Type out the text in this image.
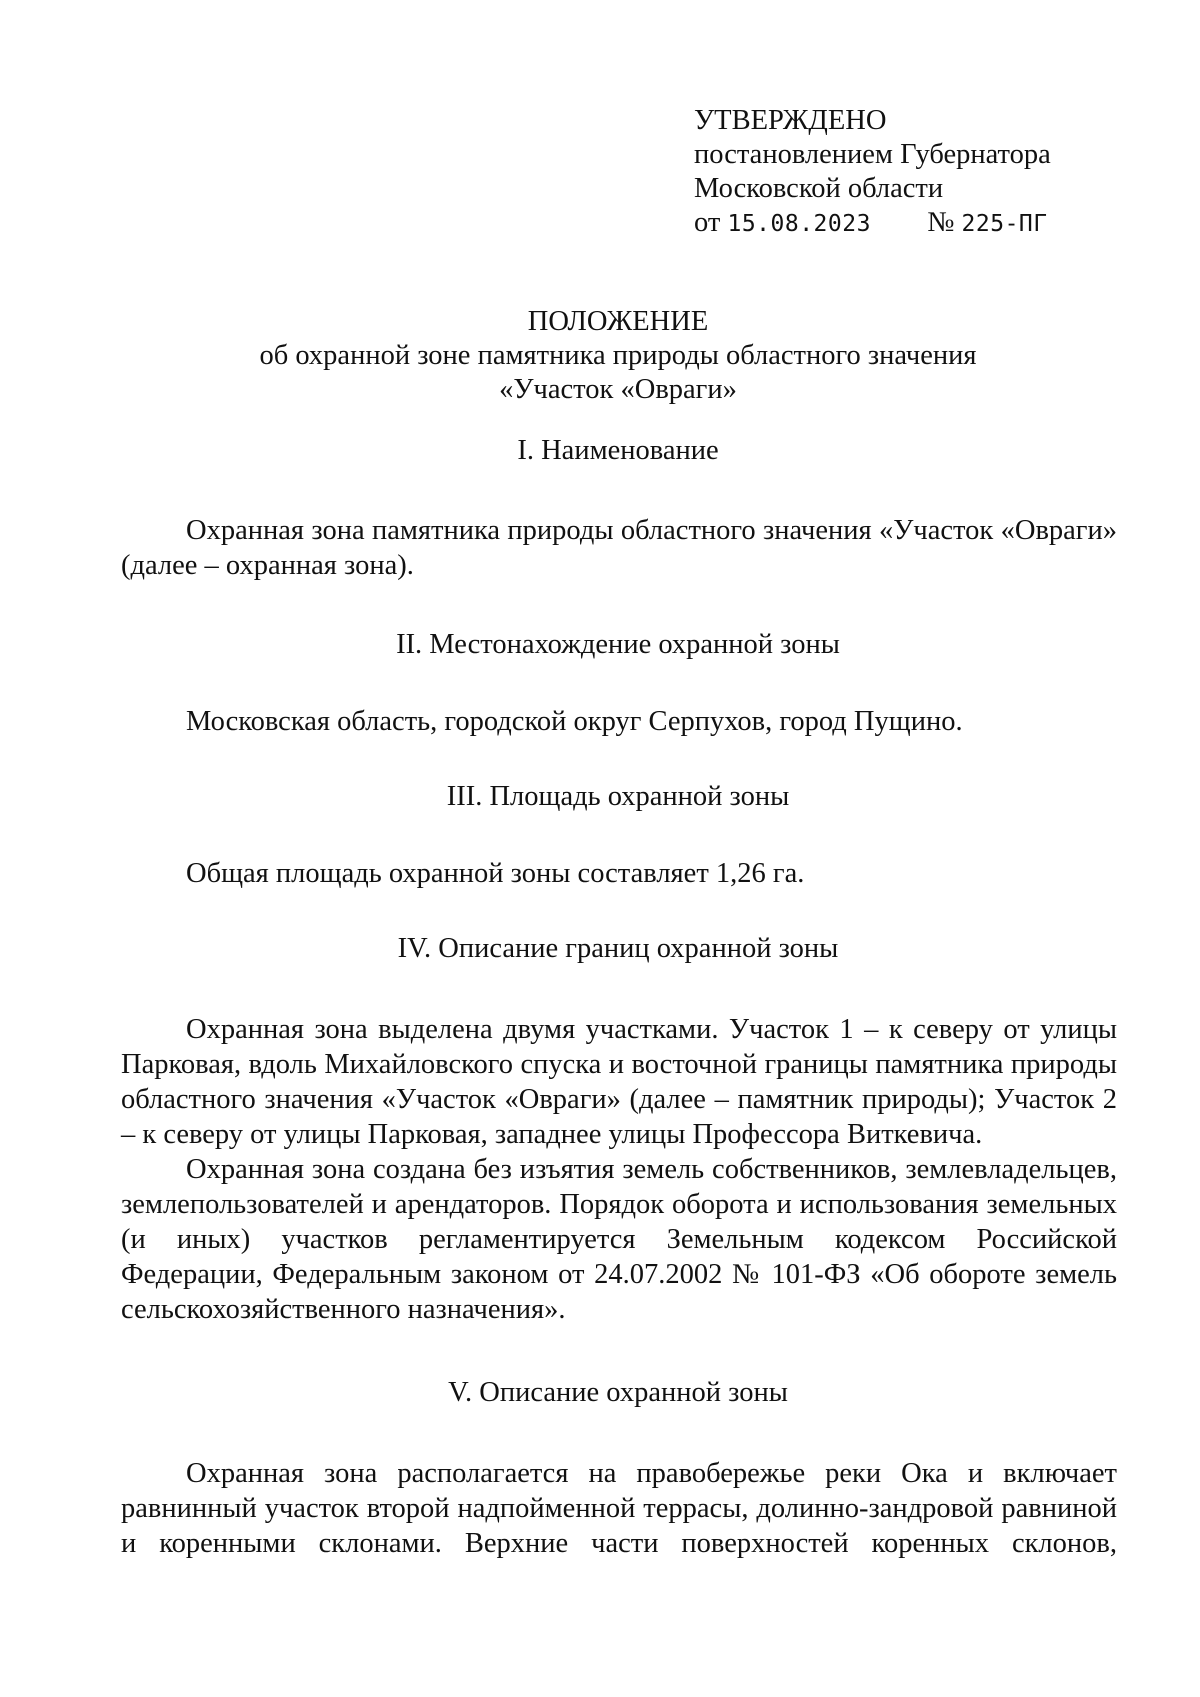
УТВЕРЖДЕНО
постановлением Губернатора
Московской области
от 15.08.2023 № 225-ПГ
ПОЛОЖЕНИЕ
об охранной зоне памятника природы областного значения
«Участок «Овраги»
I. Наименование
Охранная зона памятника природы областного значения «Участок «Овраги» (далее – охранная зона).
II. Местонахождение охранной зоны
Московская область, городской округ Серпухов, город Пущино.
III. Площадь охранной зоны
Общая площадь охранной зоны составляет 1,26 га.
IV. Описание границ охранной зоны
Охранная зона выделена двумя участками. Участок 1 – к северу от улицы Парковая, вдоль Михайловского спуска и восточной границы памятника природы областного значения «Участок «Овраги» (далее – памятник природы); Участок 2 – к северу от улицы Парковая, западнее улицы Профессора Виткевича.
Охранная зона создана без изъятия земель собственников, землевладельцев, землепользователей и арендаторов. Порядок оборота и использования земельных (и иных) участков регламентируется Земельным кодексом Российской Федерации, Федеральным законом от 24.07.2002 № 101-ФЗ «Об обороте земель сельскохозяйственного назначения».
V. Описание охранной зоны
Охранная зона располагается на правобережье реки Ока и включает равнинный участок второй надпойменной террасы, долинно-зандровой равниной и коренными склонами. Верхние части поверхностей коренных склонов,
